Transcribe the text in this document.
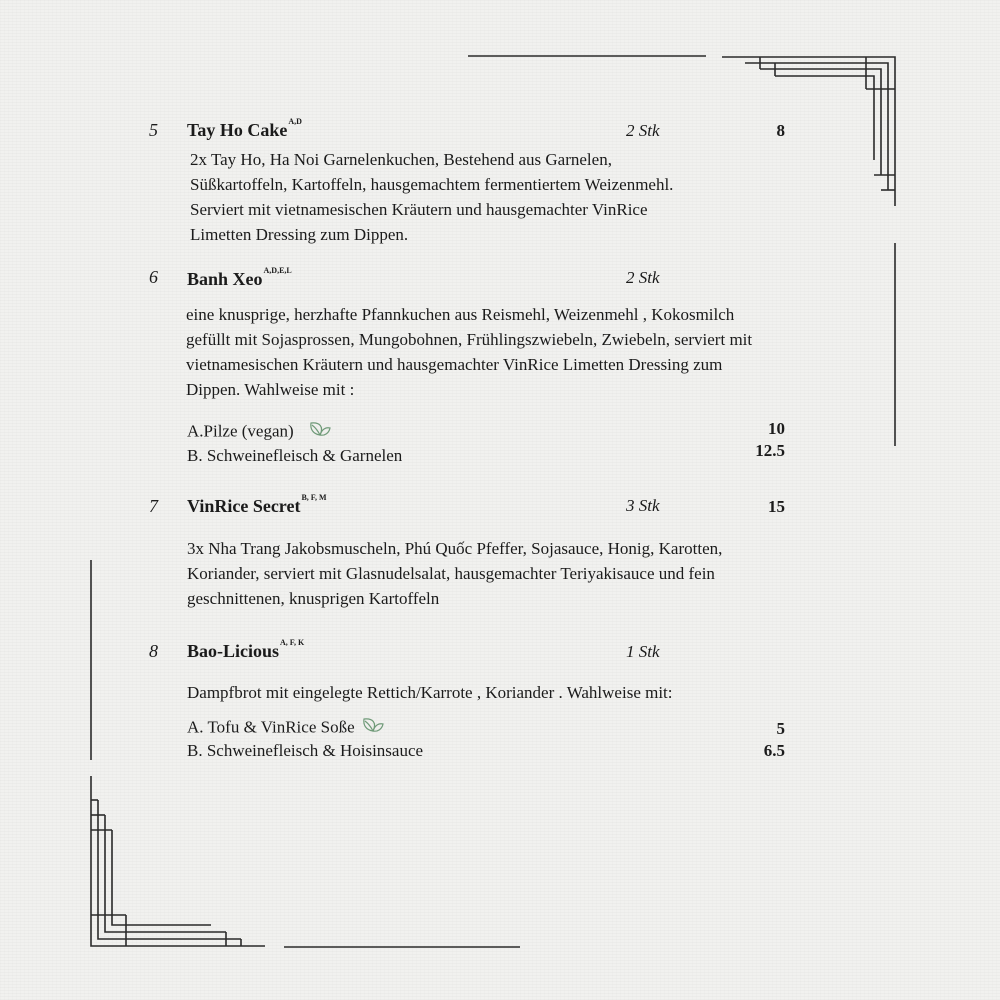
5 Tay Ho Cake$^{A,D}$	2 Stk	8
2x Tay Ho, Ha Noi Garnelenkuchen, Bestehend aus Garnelen,
Süßkartoffeln, Kartoffeln, hausgemachtem fermentiertem Weizenmehl.
Serviert mit vietnamesischen Kräutern und hausgemachter VinRice
Limetten Dressing zum Dippen.
6 Banh Xeo$^{A,D,E,L}$	2 Stk
eine knusprige, herzhafte Pfannkuchen aus Reismehl, Weizenmehl , Kokosmilch
gefüllt mit Sojasprossen, Mungobohnen, Frühlingszwiebeln, Zwiebeln, serviert mit
vietnamesischen Kräutern und hausgemachter VinRice Limetten Dressing zum
Dippen. Wahlweise mit :
A.Pilze (vegan)	10
B. Schweinefleisch & Garnelen	12.5
7 VinRice Secret$^{B, F, M}$	3 Stk	15
3x Nha Trang Jakobsmuscheln, Phú Quốc Pfeffer, Sojasauce, Honig, Karotten,
Koriander, serviert mit Glasnudelsalat, hausgemachter Teriyakisauce und fein
geschnittenen, knusprigen Kartoffeln
8 Bao-Licious$^{A, F, K}$	1 Stk
Dampfbrot mit eingelegte Rettich/Karrote , Koriander . Wahlweise mit:
A. Tofu & VinRice Soße	5
B. Schweinefleisch & Hoisinsauce	6.5
